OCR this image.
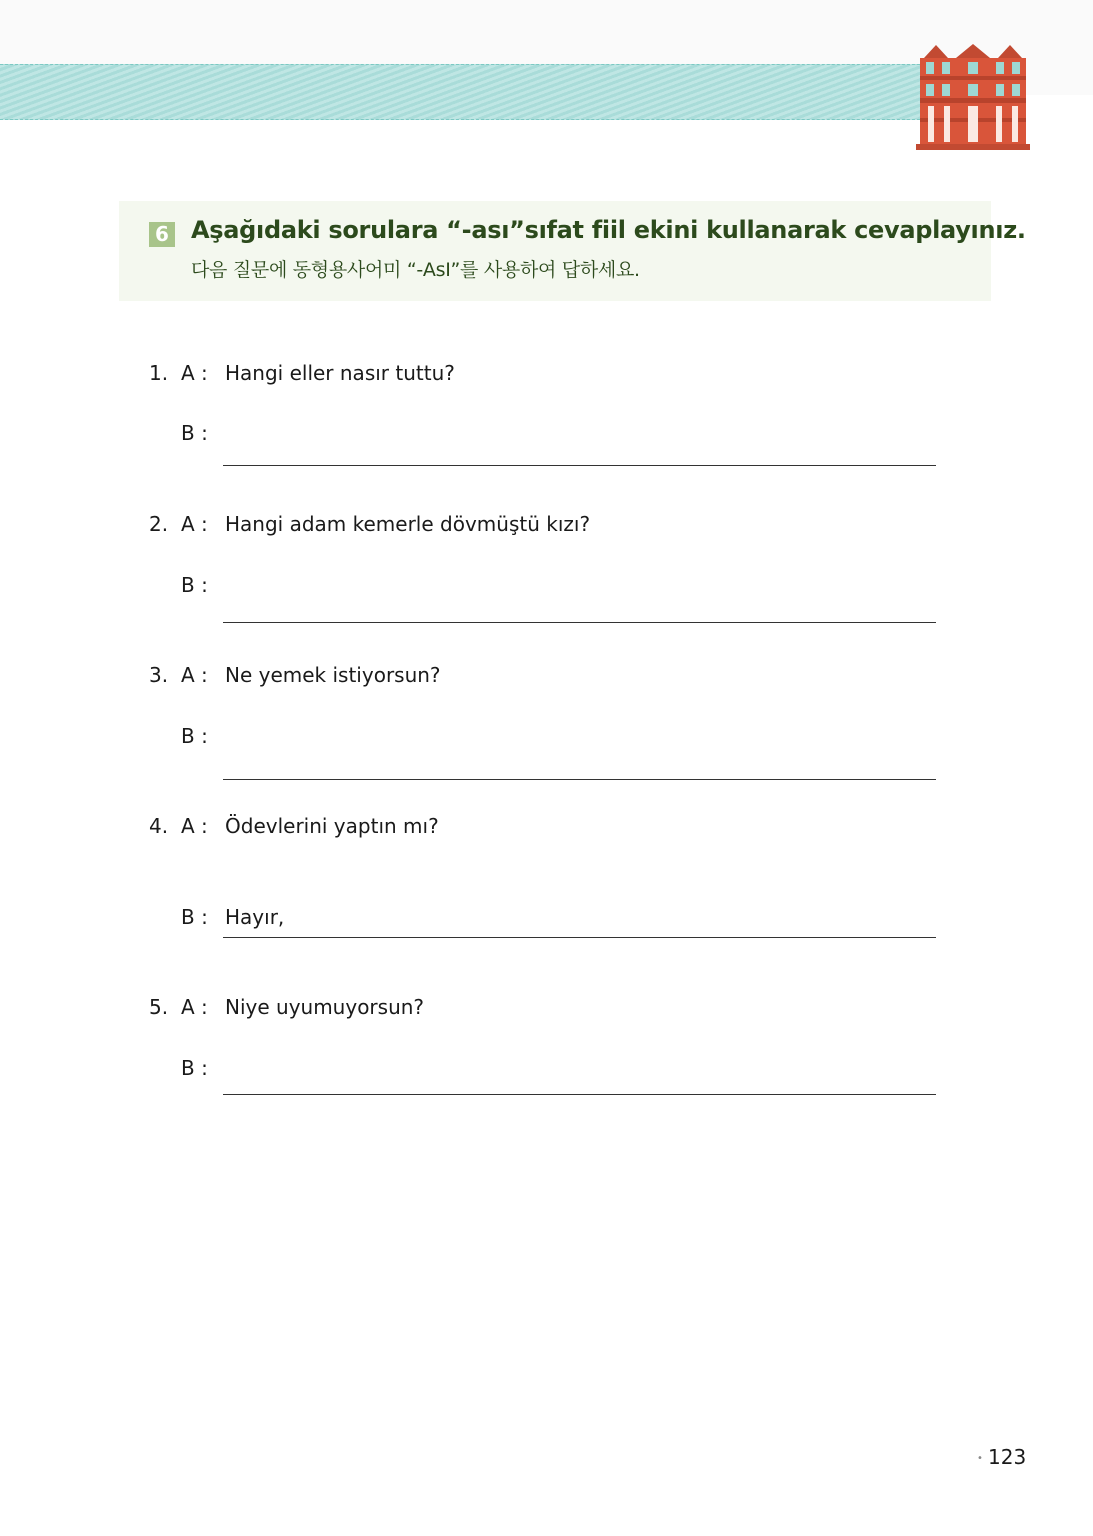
6 Aşağıdaki sorulara “-ası”sıfat fiil ekini kullanarak cevaplayınız.
다음 질문에 동형용사어미 “-AsI”를 사용하여 답하세요.
1. A : Hangi eller nasır tuttu?
B :
2. A : Hangi adam kemerle dövmüştü kızı?
B :
3. A : Ne yemek istiyorsun?
B :
4. A : Ödevlerini yaptın mı?
B : Hayır,
5. A : Niye uyumuyorsun?
B :
• 123
